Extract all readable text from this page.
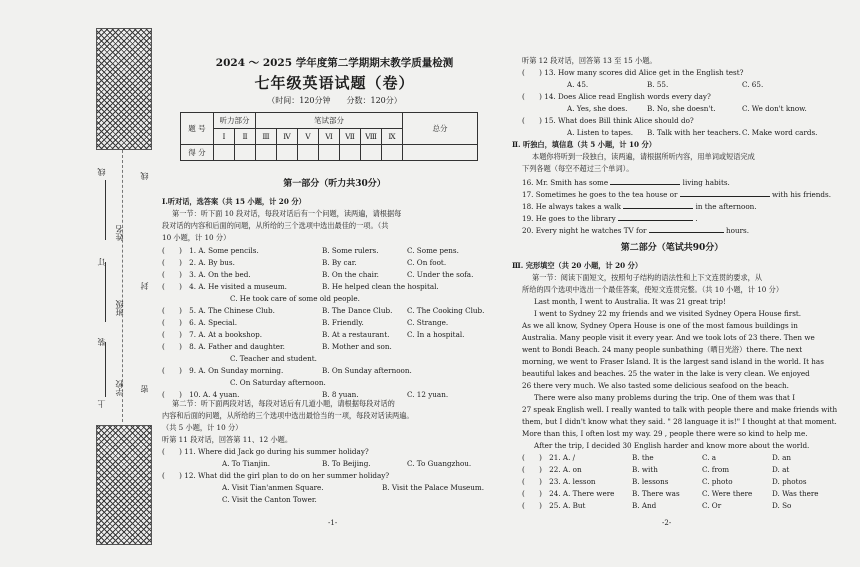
线
订
装
上
学校
班级
姓名
线
封
密
2024 ～ 2025 学年度第二学期期末教学质量检测
七年级英语试题（卷）
（时间：120分钟　　分数：120分）
题 号	听力部分		笔试部分							总分
	Ⅰ	Ⅱ	Ⅲ	Ⅳ	Ⅴ	Ⅵ	Ⅶ	Ⅷ	Ⅸ	
得 分										
第一部分（听力共30分）
Ⅰ.听对话，选答案（共 15 小题，计 20 分）
第一节：听下面 10 段对话，每段对话后有一个问题，读两遍，请根据每
段对话的内容和后面的问题，从所给的三个选项中选出最佳的一项。（共
10 小题，计 10 分）
(　　)　1. A. Some pencils.	B. Some rulers.	C. Some pens.
(　　)　2. A. By bus.	B. By car.	C. On foot.
(　　)　3. A. On the bed.	B. On the chair.	C. Under the sofa.
(　　)　4. A. He visited a museum.	B. He helped clean the hospital.
C. He took care of some old people.
(　　)　5. A. The Chinese Club.	B. The Dance Club. C. The Cooking Club.
(　　)　6. A. Special.	B. Friendly.	C. Strange.
(　　)　7. A. At a bookshop.	B. At a restaurant. C. In a hospital.
(　　)　8. A. Father and daughter.	B. Mother and son.
C. Teacher and student.
(　　)　9. A. On Sunday morning.	B. On Sunday afternoon.
C. On Saturday afternoon.
(　　)　10. A. 4 yuan.	B. 8 yuan.	C. 12 yuan.
第二节：听下面两段对话，每段对话后有几道小题，请根据每段对话的
内容和后面的问题，从所给的三个选项中选出最恰当的一项，每段对话读两遍。
（共 5 小题，计 10 分）
听第 11 段对话，回答第 11、12 小题。
(　　) 11. Where did Jack go during his summer holiday?
A. To Tianjin.	B. To Beijing.	C. To Guangzhou.
(　　) 12. What did the girl plan to do on her summer holiday?
A. Visit Tian'anmen Square.	B. Visit the Palace Museum.
C. Visit the Canton Tower.
-1-
听第 12 段对话，回答第 13 至 15 小题。
(　　) 13. How many scores did Alice get in the English test?
A. 45.	B. 55.	C. 65.
(　　) 14. Does Alice read English words every day?
A. Yes, she does.	B. No, she doesn't.	C. We don't know.
(　　) 15. What does Bill think Alice should do?
A. Listen to tapes. B. Talk with her teachers. C. Make word cards.
Ⅱ. 听独白，填信息（共 5 小题，计 10 分）
本题你将听到一段独白，读两遍，请根据所听内容，用单词或短语完成
下列各题（每空不超过三个单词）。
16. Mr. Smith has some	living habits.
17. Sometimes he goes to the tea house or	with his friends.
18. He always takes a walk	in the afternoon.
19. He goes to the library	.
20. Every night he watches TV for	hours.
第二部分（笔试共90分）
Ⅲ. 完形填空（共 20 小题，计 20 分）
第一节：阅读下面短文，按照句子结构的语法性和上下文连贯的要求，从
所给的四个选项中选出一个最佳答案，使短文连贯完整。（共 10 小题，计 10 分）
Last month, I went to Australia. It was 21 great trip!
I went to Sydney 22 my friends and we visited Sydney Opera House first.
As we all know, Sydney Opera House is one of the most famous buildings in
Australia. Many people visit it every year. And we took lots of 23 there. Then we
went to Bondi Beach. 24 many people sunbathing（晒日光浴）there. The next
morning, we went to Fraser Island. It is the largest sand island in the world. It has
beautiful lakes and beaches. 25 the water in the lake is very clean. We enjoyed
26 there very much. We also tasted some delicious seafood on the beach.
There were also many problems during the trip. One of them was that I
27 speak English well. I really wanted to talk with people there and make friends with
them, but I didn't know what they said. " 28 language it is!" I thought at that moment.
More than this, I often lost my way. 29 , people there were so kind to help me.
After the trip, I decided 30 English harder and know more about the world.
(　　)　21. A. /	B. the	C. a	D. an
(　　)　22. A. on	B. with	C. from	D. at
(　　)　23. A. lesson	B. lessons	C. photo	D. photos
(　　)　24. A. There were B. There was	C. Were there	D. Was there
(　　)　25. A. But	B. And	C. Or	D. So
-2-
